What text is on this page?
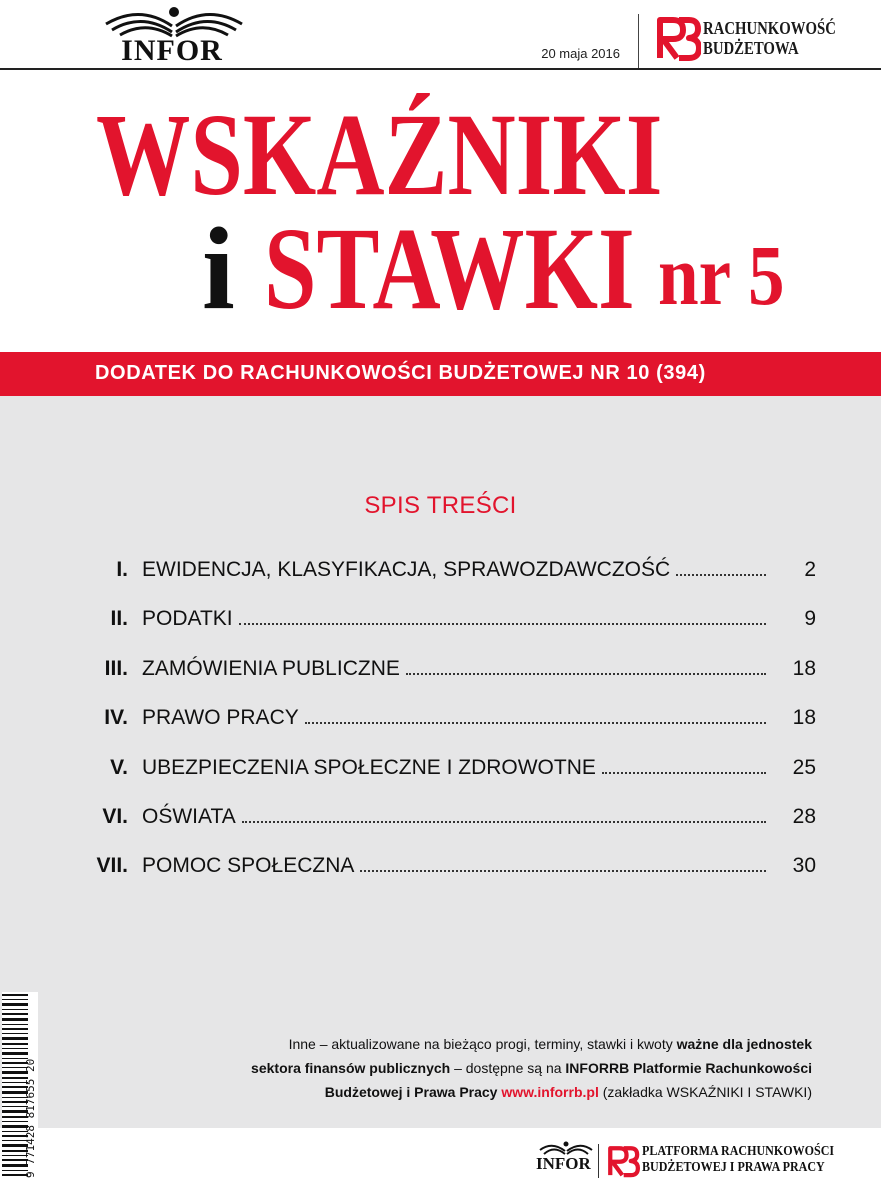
INFOR
RACHUNKOWOŚĆ
BUDŻETOWA
20 maja 2016
WSKAŹNIKI
i STAWKI nr 5
DODATEK DO RACHUNKOWOŚCI BUDŻETOWEJ NR 10 (394)
SPIS TREŚCI
I. EWIDENCJA, KLASYFIKACJA, SPRAWOZDAWCZOŚĆ	2
II. PODATKI	9
III. ZAMÓWIENIA PUBLICZNE	18
IV. PRAWO PRACY	18
V. UBEZPIECZENIA SPOŁECZNE I ZDROWOTNE	25
VI. OŚWIATA	28
VII. POMOC SPOŁECZNA	30
Inne – aktualizowane na bieżąco progi, terminy, stawki i kwoty ważne dla jednostek
sektora finansów publicznych – dostępne są na INFORRB Platformie Rachunkowości
Budżetowej i Prawa Pracy www.inforrb.pl (zakładka WSKAŹNIKI I STAWKI)
9 771428 817655 20	INFOR
PLATFORMA RACHUNKOWOŚCI
BUDŻETOWEJ I PRAWA PRACY
